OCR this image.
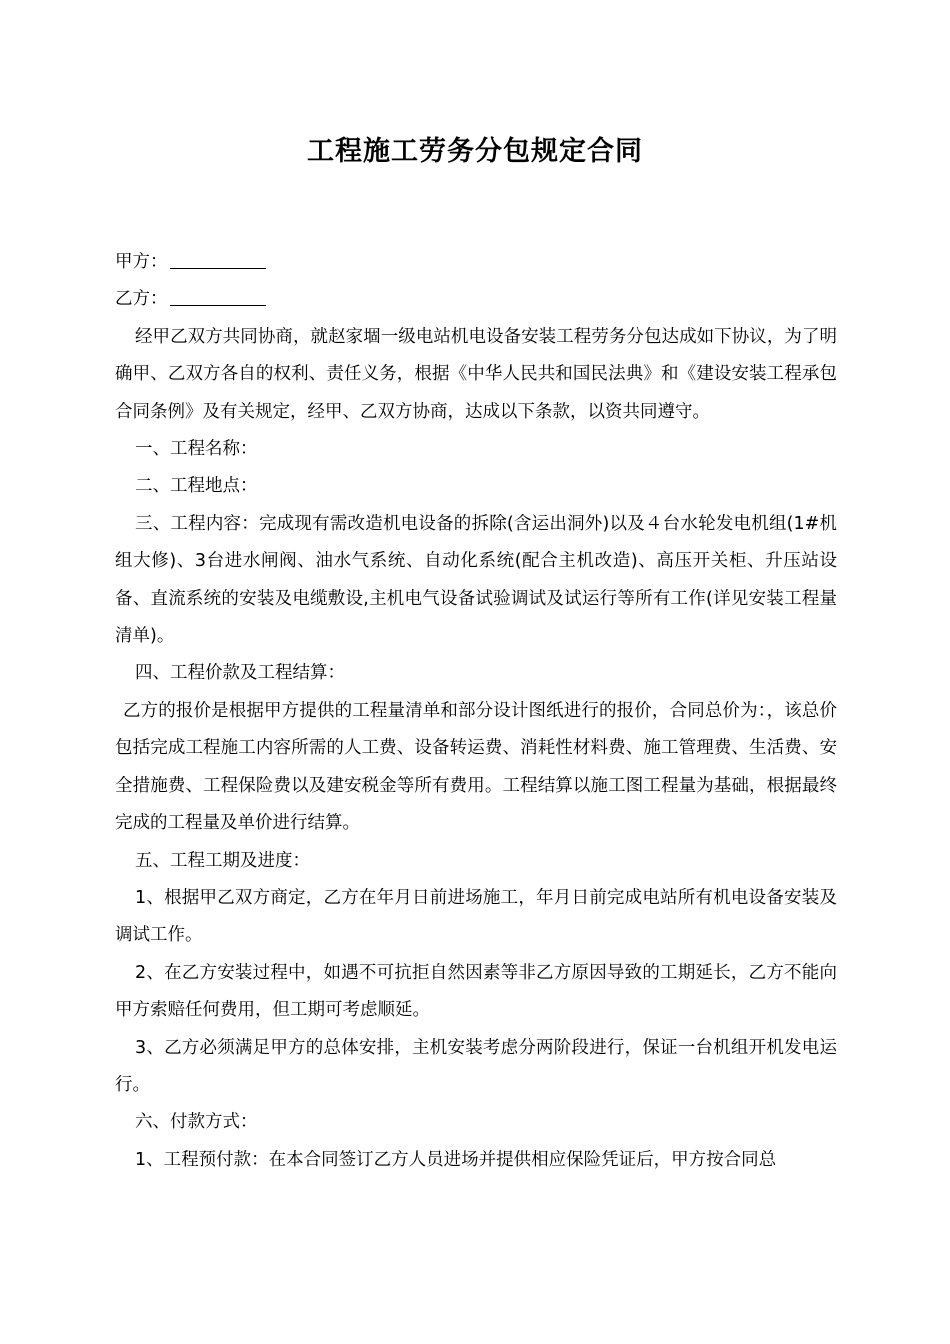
工程施工劳务分包规定合同

甲方：

乙方：

经甲乙双方共同协商，就赵家堌一级电站机电设备安装工程劳务分包达成如下协议，为了明确甲、乙双方各自的权利、责任义务，根据《中华人民共和国民法典》和《建设安装工程承包合同条例》及有关规定，经甲、乙双方协商，达成以下条款，以资共同遵守。

一、工程名称：

二、工程地点：

三、工程内容：完成现有需改造机电设备的拆除(含运出洞外)以及４台水轮发电机组(1#机组大修)、3台进水闸阀、油水气系统、自动化系统(配合主机改造)、高压开关柜、升压站设备、直流系统的安装及电缆敷设,主机电气设备试验调试及试运行等所有工作(详见安装工程量清单)。

四、工程价款及工程结算：

乙方的报价是根据甲方提供的工程量清单和部分设计图纸进行的报价，合同总价为：，该总价包括完成工程施工内容所需的人工费、设备转运费、消耗性材料费、施工管理费、生活费、安全措施费、工程保险费以及建安税金等所有费用。工程结算以施工图工程量为基础，根据最终完成的工程量及单价进行结算。

五、工程工期及进度：

1、根据甲乙双方商定，乙方在年月日前进场施工，年月日前完成电站所有机电设备安装及调试工作。

2、在乙方安装过程中，如遇不可抗拒自然因素等非乙方原因导致的工期延长，乙方不能向甲方索赔任何费用，但工期可考虑顺延。

3、乙方必须满足甲方的总体安排，主机安装考虑分两阶段进行，保证一台机组开机发电运行。

六、付款方式：

1、工程预付款：在本合同签订乙方人员进场并提供相应保险凭证后，甲方按合同总
